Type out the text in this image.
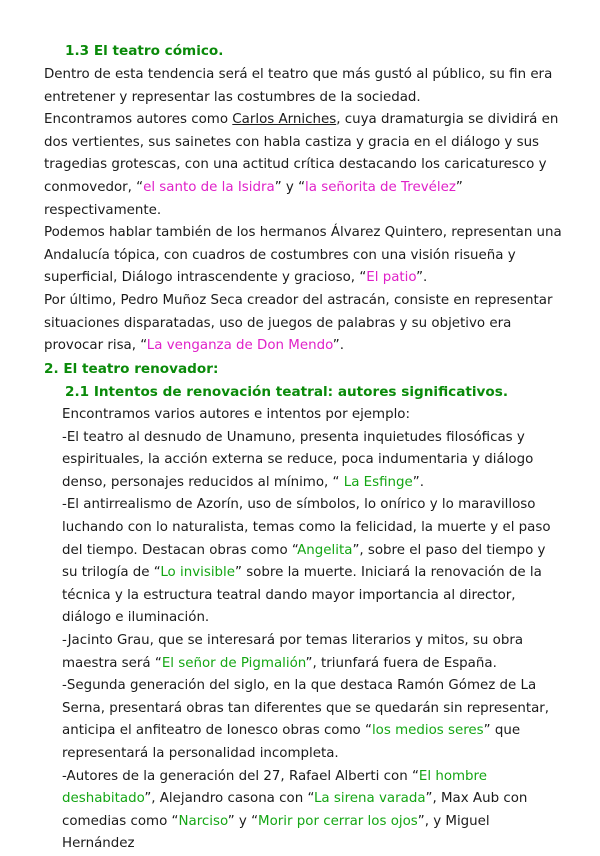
1.3 El teatro cómico.

Dentro de esta tendencia será el teatro que más gustó al público, su fin era entretener y representar las costumbres de la sociedad.

Encontramos autores como Carlos Arniches, cuya dramaturgia se dividirá en dos vertientes, sus sainetes con habla castiza y gracia en el diálogo y sus tragedias grotescas, con una actitud crítica destacando los caricaturesco y conmovedor, “el santo de la Isidra” y “la señorita de Trevélez” respectivamente.

Podemos hablar también de los hermanos Álvarez Quintero, representan una Andalucía tópica, con cuadros de costumbres con una visión risueña y superficial, Diálogo intrascendente y gracioso, “El patio”.

Por último, Pedro Muñoz Seca creador del astracán, consiste en representar situaciones disparatadas, uso de juegos de palabras y su objetivo era provocar risa, “La venganza de Don Mendo”.

2. El teatro renovador:
2.1 Intentos de renovación teatral: autores significativos.

Encontramos varios autores e intentos por ejemplo:

-El teatro al desnudo de Unamuno, presenta inquietudes filosóficas y espirituales, la acción externa se reduce, poca indumentaria y diálogo denso, personajes reducidos al mínimo, “ La Esfinge”.

-El antirrealismo de Azorín, uso de símbolos, lo onírico y lo maravilloso luchando con lo naturalista, temas como la felicidad, la muerte y el paso del tiempo. Destacan obras como “Angelita”, sobre el paso del tiempo y su trilogía de “Lo invisible” sobre la muerte. Iniciará la renovación de la técnica y la estructura teatral dando mayor importancia al director, diálogo e iluminación.

-Jacinto Grau, que se interesará por temas literarios y mitos, su obra maestra será “El señor de Pigmalión”, triunfará fuera de España.

-Segunda generación del siglo, en la que destaca Ramón Gómez de La Serna, presentará obras tan diferentes que se quedarán sin representar, anticipa el anfiteatro de Ionesco obras como “los medios seres” que representará la personalidad incompleta.

-Autores de la generación del 27, Rafael Alberti con “El hombre deshabitado”, Alejandro casona con “La sirena varada”, Max Aub con comedias como “Narciso” y “Morir por cerrar los ojos”, y Miguel Hernández
